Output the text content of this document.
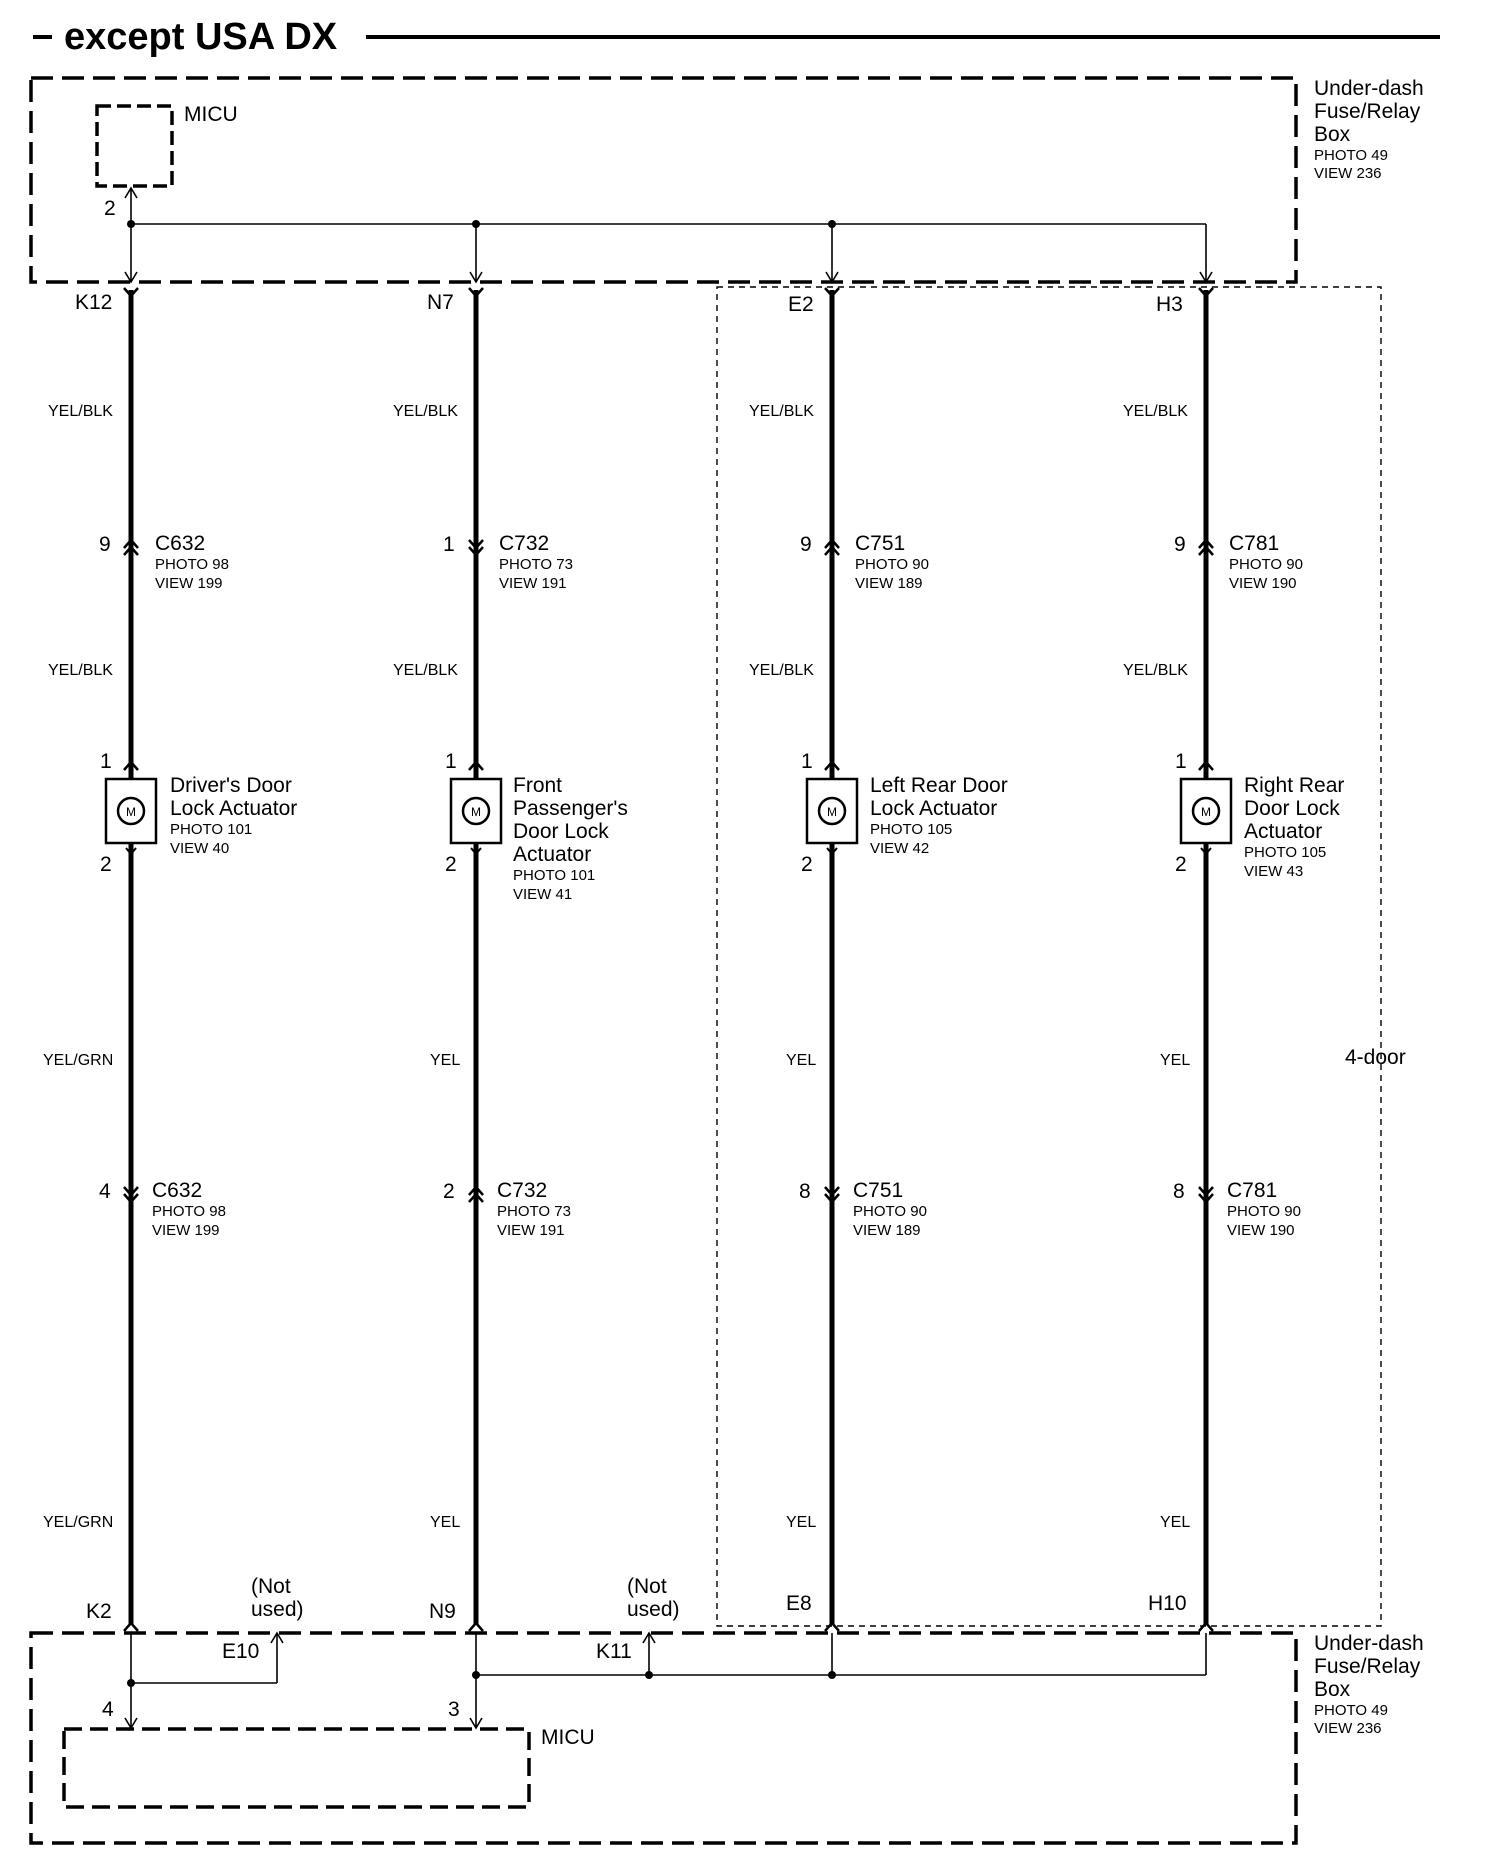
except USA DX
Under-dash
Fuse/Relay
Box
PHOTO 49
VIEW 236
MICU
2
4-door
K12
YEL/BLK
9 C632
PHOTO 98
VIEW 199
YEL/BLK
1
M
2
Driver's Door
Lock Actuator
PHOTO 101
VIEW 40
YEL/GRN
4 C632
PHOTO 98
VIEW 199
YEL/GRN
K2
N7
YEL/BLK
1 C732
PHOTO 73
VIEW 191
YEL/BLK
1
M
2
Front
Passenger's
Door Lock
Actuator
PHOTO 101
VIEW 41
YEL
2 C732
PHOTO 73
VIEW 191
YEL
N9
E2
YEL/BLK
9 C751
PHOTO 90
VIEW 189
YEL/BLK
1
M
2
Left Rear Door
Lock Actuator
PHOTO 105
VIEW 42
YEL
8 C751
PHOTO 90
VIEW 189
YEL
E8
H3
YEL/BLK
9 C781
PHOTO 90
VIEW 190
YEL/BLK
1
M
2
Right Rear
Door Lock
Actuator
PHOTO 105
VIEW 43
YEL
8 C781
PHOTO 90
VIEW 190
YEL
H10
Under-dash
Fuse/Relay
Box
PHOTO 49
VIEW 236
E10
(Not
used)
4
K11
(Not
used)
3
MICU
